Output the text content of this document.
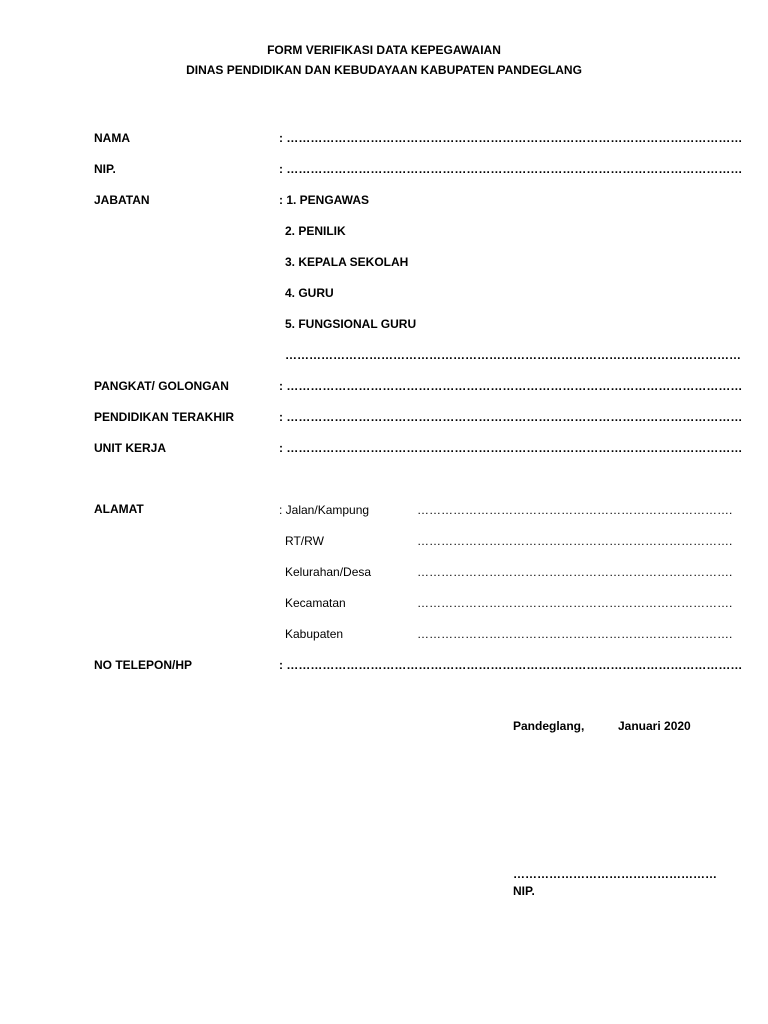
FORM VERIFIKASI DATA KEPEGAWAIAN
DINAS PENDIDIKAN DAN KEBUDAYAAN KABUPATEN PANDEGLANG
NAMA	: ……………………………………………………………………………………………………
NIP.	: ……………………………………………………………………………………………………
JABATAN	: 1. PENGAWAS
2. PENILIK
3. KEPALA SEKOLAH
4. GURU
5. FUNGSIONAL GURU
……………………………………………………………………………………………………
PANGKAT/ GOLONGAN	: ……………………………………………………………………………………………………
PENDIDIKAN TERAKHIR	: ……………………………………………………………………………………………………
UNIT KERJA	: ……………………………………………………………………………………………………
ALAMAT	: Jalan/Kampung	…………………………………………………………………….
RT/RW	…………………………………………………………………….
Kelurahan/Desa	…………………………………………………………………….
Kecamatan	…………………………………………………………………….
Kabupaten	…………………………………………………………………….
NO TELEPON/HP	: ……………………………………………………………………………………………………
Pandeglang,	Januari 2020
……………………………………………
NIP.
